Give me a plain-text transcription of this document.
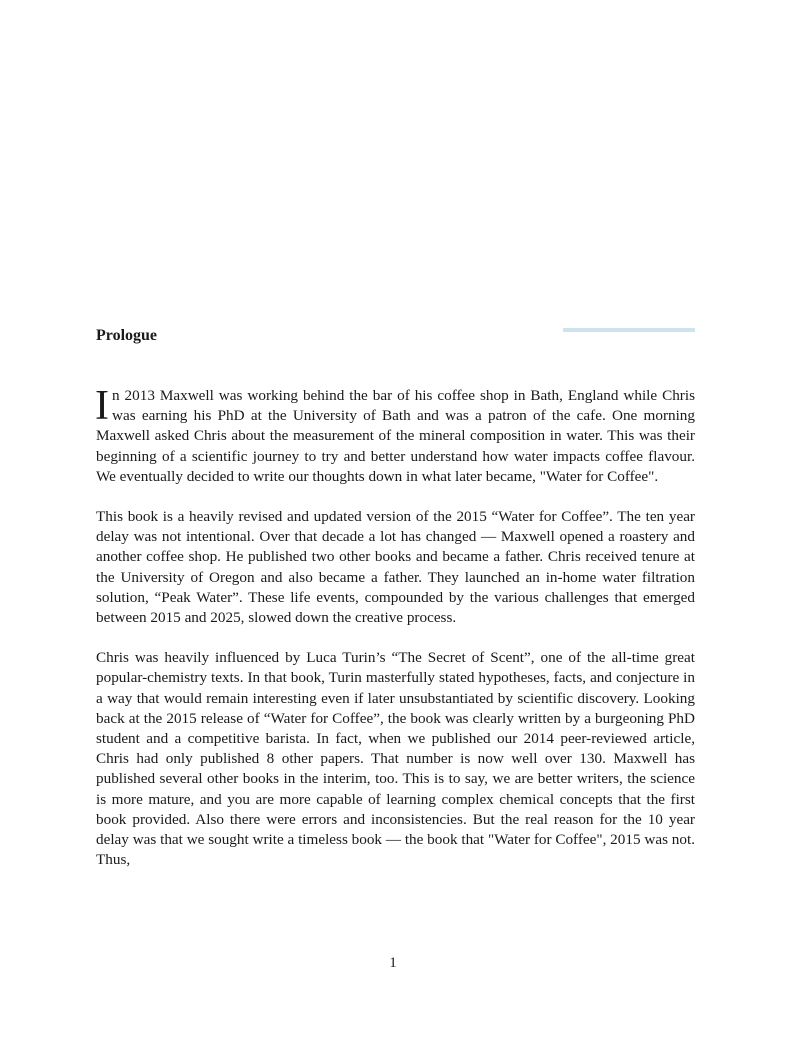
Prologue

In 2013 Maxwell was working behind the bar of his coffee shop in Bath, England while Chris was earning his PhD at the University of Bath and was a patron of the cafe. One morning Maxwell asked Chris about the measurement of the mineral composition in water. This was their beginning of a scientific journey to try and better understand how water impacts coffee flavour. We eventually decided to write our thoughts down in what later became, "Water for Coffee".

This book is a heavily revised and updated version of the 2015 “Water for Coffee”. The ten year delay was not intentional. Over that decade a lot has changed — Maxwell opened a roastery and another coffee shop. He published two other books and became a father. Chris received tenure at the University of Oregon and also became a father. They launched an in-home water filtration solution, “Peak Water”. These life events, compounded by the various challenges that emerged between 2015 and 2025, slowed down the creative process.

Chris was heavily influenced by Luca Turin’s “The Secret of Scent”, one of the all-time great popular-chemistry texts. In that book, Turin masterfully stated hypotheses, facts, and conjecture in a way that would remain interesting even if later unsubstantiated by scientific discovery. Looking back at the 2015 release of “Water for Coffee”, the book was clearly written by a burgeoning PhD student and a competitive barista. In fact, when we published our 2014 peer-reviewed article, Chris had only published 8 other papers. That number is now well over 130. Maxwell has published several other books in the interim, too. This is to say, we are better writers, the science is more mature, and you are more capable of learning complex chemical concepts that the first book provided. Also there were errors and inconsistencies. But the real reason for the 10 year delay was that we sought write a timeless book — the book that "Water for Coffee", 2015 was not. Thus,

1
